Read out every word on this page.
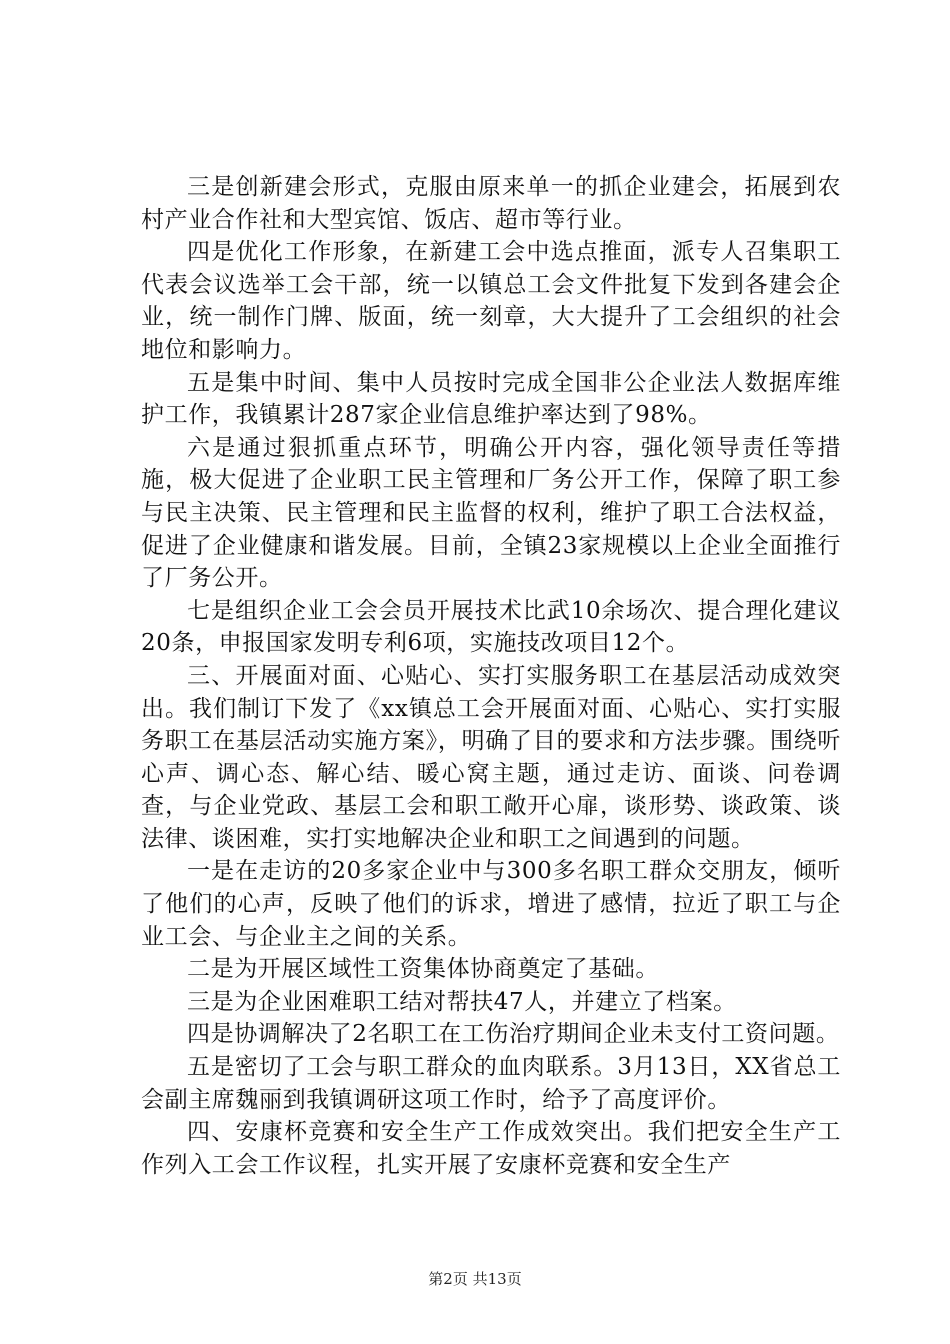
三是创新建会形式，克服由原来单一的抓企业建会，拓展到农村产业合作社和大型宾馆、饭店、超市等行业。

四是优化工作形象，在新建工会中选点推面，派专人召集职工代表会议选举工会干部，统一以镇总工会文件批复下发到各建会企业，统一制作门牌、版面，统一刻章，大大提升了工会组织的社会地位和影响力。

五是集中时间、集中人员按时完成全国非公企业法人数据库维护工作，我镇累计287家企业信息维护率达到了98%。

六是通过狠抓重点环节，明确公开内容，强化领导责任等措施，极大促进了企业职工民主管理和厂务公开工作，保障了职工参与民主决策、民主管理和民主监督的权利，维护了职工合法权益，促进了企业健康和谐发展。目前，全镇23家规模以上企业全面推行了厂务公开。

七是组织企业工会会员开展技术比武10余场次、提合理化建议20条，申报国家发明专利6项，实施技改项目12个。

三、开展面对面、心贴心、实打实服务职工在基层活动成效突出。我们制订下发了《xx镇总工会开展面对面、心贴心、实打实服务职工在基层活动实施方案》，明确了目的要求和方法步骤。围绕听心声、调心态、解心结、暖心窝主题，通过走访、面谈、问卷调查，与企业党政、基层工会和职工敞开心扉，谈形势、谈政策、谈法律、谈困难，实打实地解决企业和职工之间遇到的问题。

一是在走访的20多家企业中与300多名职工群众交朋友，倾听了他们的心声，反映了他们的诉求，增进了感情，拉近了职工与企业工会、与企业主之间的关系。

二是为开展区域性工资集体协商奠定了基础。

三是为企业困难职工结对帮扶47人，并建立了档案。

四是协调解决了2名职工在工伤治疗期间企业未支付工资问题。

五是密切了工会与职工群众的血肉联系。3月13日，XX省总工会副主席魏丽到我镇调研这项工作时，给予了高度评价。

四、安康杯竞赛和安全生产工作成效突出。我们把安全生产工作列入工会工作议程，扎实开展了安康杯竞赛和安全生产

第2页 共13页
